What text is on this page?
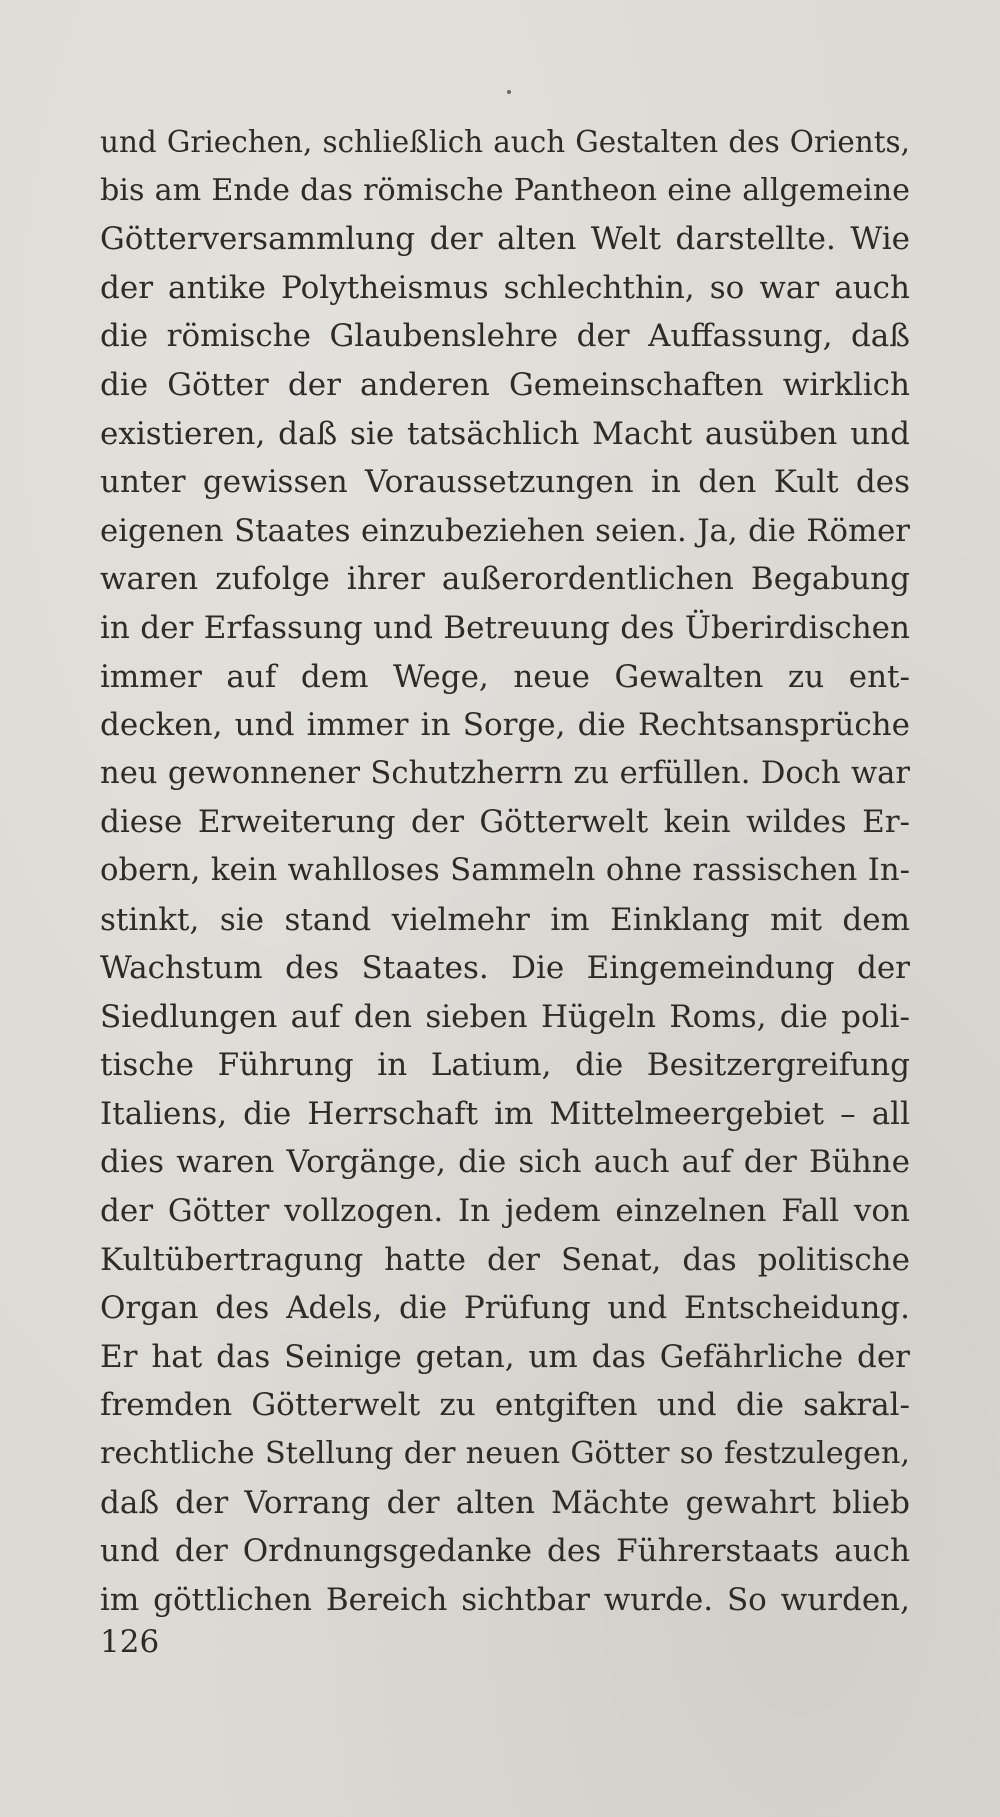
und Griechen, schließlich auch Gestalten des Orients,
bis am Ende das römische Pantheon eine allgemeine
Götterversammlung der alten Welt darstellte. Wie
der antike Polytheismus schlechthin, so war auch
die römische Glaubenslehre der Auffassung, daß
die Götter der anderen Gemeinschaften wirklich
existieren, daß sie tatsächlich Macht ausüben und
unter gewissen Voraussetzungen in den Kult des
eigenen Staates einzubeziehen seien. Ja, die Römer
waren zufolge ihrer außerordentlichen Begabung
in der Erfassung und Betreuung des Überirdischen
immer auf dem Wege, neue Gewalten zu ent-
decken, und immer in Sorge, die Rechtsansprüche
neu gewonnener Schutzherrn zu erfüllen. Doch war
diese Erweiterung der Götterwelt kein wildes Er-
obern, kein wahlloses Sammeln ohne rassischen In-
stinkt, sie stand vielmehr im Einklang mit dem
Wachstum des Staates. Die Eingemeindung der
Siedlungen auf den sieben Hügeln Roms, die poli-
tische Führung in Latium, die Besitzergreifung
Italiens, die Herrschaft im Mittelmeergebiet – all
dies waren Vorgänge, die sich auch auf der Bühne
der Götter vollzogen. In jedem einzelnen Fall von
Kultübertragung hatte der Senat, das politische
Organ des Adels, die Prüfung und Entscheidung.
Er hat das Seinige getan, um das Gefährliche der
fremden Götterwelt zu entgiften und die sakral-
rechtliche Stellung der neuen Götter so festzulegen,
daß der Vorrang der alten Mächte gewahrt blieb
und der Ordnungsgedanke des Führerstaats auch
im göttlichen Bereich sichtbar wurde. So wurden,
126
